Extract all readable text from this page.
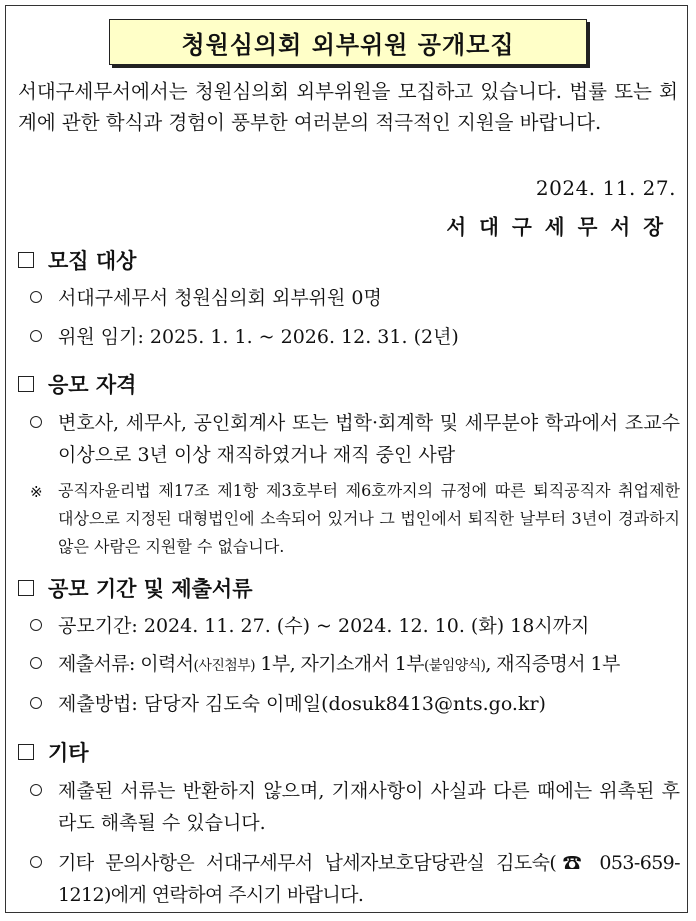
청원심의회 외부위원 공개모집
서대구세무서에서는 청원심의회 외부위원을 모집하고 있습니다. 법률 또는 회계에 관한 학식과 경험이 풍부한 여러분의 적극적인 지원을 바랍니다.
2024. 11. 27.
서대구세무서장
모집 대상
서대구세무서 청원심의회 외부위원 0명
위원 임기: 2025. 1. 1. ~ 2026. 12. 31. (2년)
응모 자격
변호사, 세무사, 공인회계사 또는 법학·회계학 및 세무분야 학과에서 조교수 이상으로 3년 이상 재직하였거나 재직 중인 사람
※ 공직자윤리법 제17조 제1항 제3호부터 제6호까지의 규정에 따른 퇴직공직자 취업제한 대상으로 지정된 대형법인에 소속되어 있거나 그 법인에서 퇴직한 날부터 3년이 경과하지 않은 사람은 지원할 수 없습니다.
공모 기간 및 제출서류
공모기간: 2024. 11. 27. (수) ~ 2024. 12. 10. (화) 18시까지
제출서류: 이력서(사진첨부) 1부, 자기소개서 1부(붙임양식), 재직증명서 1부
제출방법: 담당자 김도숙 이메일(dosuk8413@nts.go.kr)
기타
제출된 서류는 반환하지 않으며, 기재사항이 사실과 다른 때에는 위촉된 후라도 해촉될 수 있습니다.
기타 문의사항은 서대구세무서 납세자보호담당관실 김도숙(☎ 053-659-1212)에게 연락하여 주시기 바랍니다.
